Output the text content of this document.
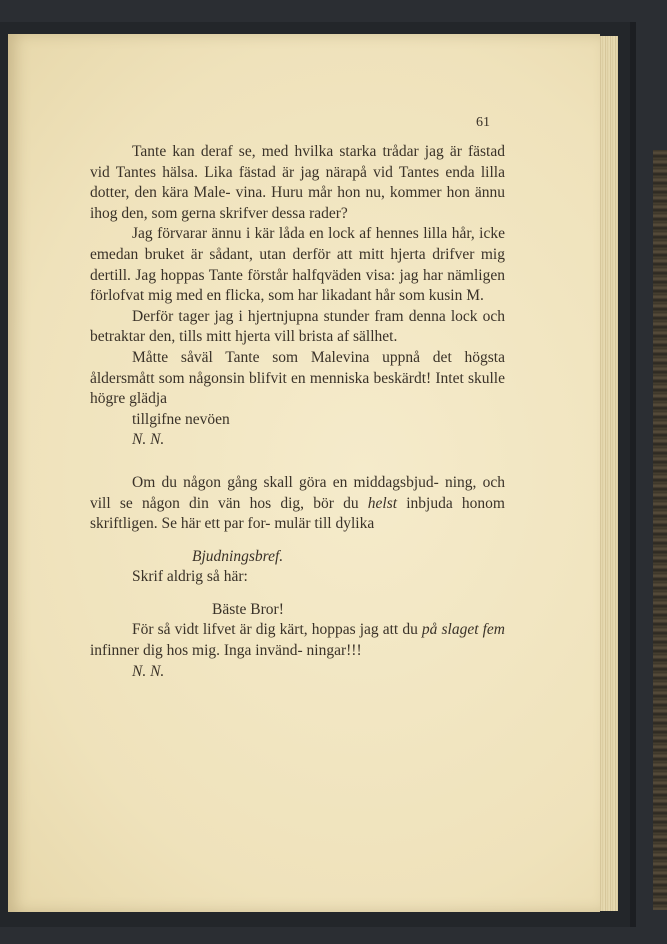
61

Tante kan deraf se, med hvilka starka trådar jag är fästad vid Tantes hälsa. Lika fästad är jag närapå vid Tantes enda lilla dotter, den kära Male- vina. Huru mår hon nu, kommer hon ännu ihog den, som gerna skrifver dessa rader?

Jag förvarar ännu i kär låda en lock af hennes lilla hår, icke emedan bruket är sådant, utan derför att mitt hjerta drifver mig dertill. Jag hoppas Tante förstår halfqväden visa: jag har nämligen förlofvat mig med en flicka, som har likadant hår som kusin M.

Derför tager jag i hjertnjupna stunder fram denna lock och betraktar den, tills mitt hjerta vill brista af sällhet.

Måtte såväl Tante som Malevina uppnå det högsta åldersmått som någonsin blifvit en menniska beskärdt! Intet skulle högre glädja

tillgifne nevöen

N. N.

Om du någon gång skall göra en middagsbjud- ning, och vill se någon din vän hos dig, bör du helst inbjuda honom skriftligen. Se här ett par for- mulär till dylika

Bjudningsbref.

Skrif aldrig så här:

Bäste Bror!

För så vidt lifvet är dig kärt, hoppas jag att du på slaget fem infinner dig hos mig. Inga invänd- ningar!!!

N. N.
